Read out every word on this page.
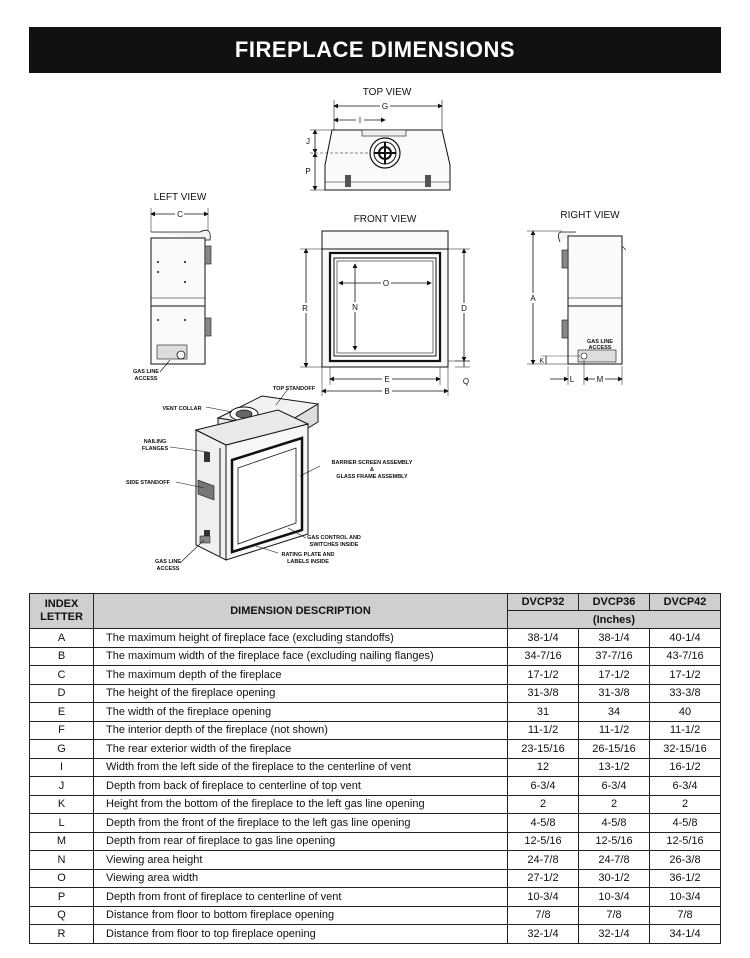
FIREPLACE DIMENSIONS
TOP VIEW
G
I
J
P
LEFT VIEW
C
GAS LINE
ACCESS
FRONT VIEW
O
N
R	D
E	Q
B
RIGHT VIEW
GAS LINE
ACCESS
A
K
L	M
TOP STANDOFF
VENT COLLAR
NAILING
FLANGES
SIDE STANDOFF
BARRIER SCREEN ASSEMBLY
&
GLASS FRAME ASSEMBLY
GAS CONTROL AND
SWITCHES INSIDE
RATING PLATE AND
LABELS INSIDE
GAS LINE
ACCESS
INDEX
LETTER	DIMENSION DESCRIPTION	DVCP32	DVCP36	DVCP42
		(Inches)		
A	The maximum height of fireplace face (excluding standoffs)	38-1/4	38-1/4	40-1/4
B	The maximum width of the fireplace face (excluding nailing flanges)	34-7/16	37-7/16	43-7/16
C	The maximum depth of the fireplace	17-1/2	17-1/2	17-1/2
D	The height of the fireplace opening	31-3/8	31-3/8	33-3/8
E	The width of the fireplace opening	31	34	40
F	The interior depth of the fireplace (not shown)	11-1/2	11-1/2	11-1/2
G	The rear exterior width of the fireplace	23-15/16	26-15/16	32-15/16
I	Width from the left side of the fireplace to the centerline of vent	12	13-1/2	16-1/2
J	Depth from back of fireplace to centerline of top vent	6-3/4	6-3/4	6-3/4
K	Height from the bottom of the fireplace to the left gas line opening	2	2	2
L	Depth from the front of the fireplace to the left gas line opening	4-5/8	4-5/8	4-5/8
M	Depth from rear of fireplace to gas line opening	12-5/16	12-5/16	12-5/16
N	Viewing area height	24-7/8	24-7/8	26-3/8
O	Viewing area width	27-1/2	30-1/2	36-1/2
P	Depth from front of fireplace to centerline of vent	10-3/4	10-3/4	10-3/4
Q	Distance from floor to bottom fireplace opening	7/8	7/8	7/8
R	Distance from floor to top fireplace opening	32-1/4	32-1/4	34-1/4
